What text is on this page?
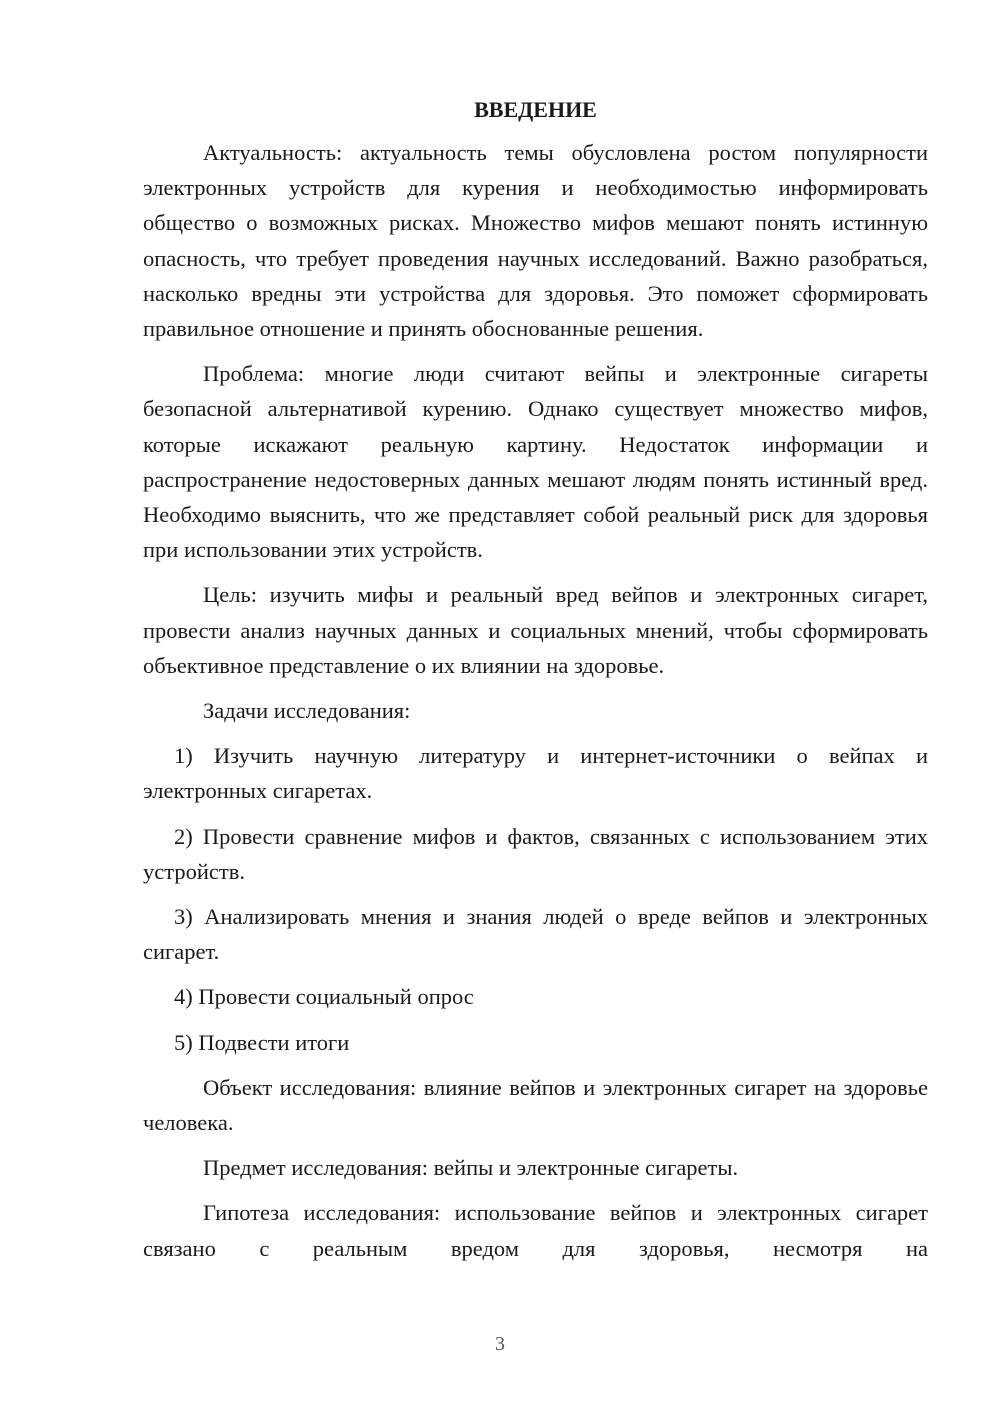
ВВЕДЕНИЕ

Актуальность: актуальность темы обусловлена ростом популярности электронных устройств для курения и необходимостью информировать общество о возможных рисках. Множество мифов мешают понять истинную опасность, что требует проведения научных исследований. Важно разобраться, насколько вредны эти устройства для здоровья. Это поможет сформировать правильное отношение и принять обоснованные решения.

Проблема: многие люди считают вейпы и электронные сигареты безопасной альтернативой курению. Однако существует множество мифов, которые искажают реальную картину. Недостаток информации и распространение недостоверных данных мешают людям понять истинный вред. Необходимо выяснить, что же представляет собой реальный риск для здоровья при использовании этих устройств.

Цель: изучить мифы и реальный вред вейпов и электронных сигарет, провести анализ научных данных и социальных мнений, чтобы сформировать объективное представление о их влиянии на здоровье.

Задачи исследования:

1) Изучить научную литературу и интернет-источники о вейпах и электронных сигаретах.

2) Провести сравнение мифов и фактов, связанных с использованием этих устройств.

3) Анализировать мнения и знания людей о вреде вейпов и электронных сигарет.

4) Провести социальный опрос

5) Подвести итоги

Объект исследования: влияние вейпов и электронных сигарет на здоровье человека.

Предмет исследования: вейпы и электронные сигареты.

Гипотеза исследования: использование вейпов и электронных сигарет связано с реальным вредом для здоровья, несмотря на

3
